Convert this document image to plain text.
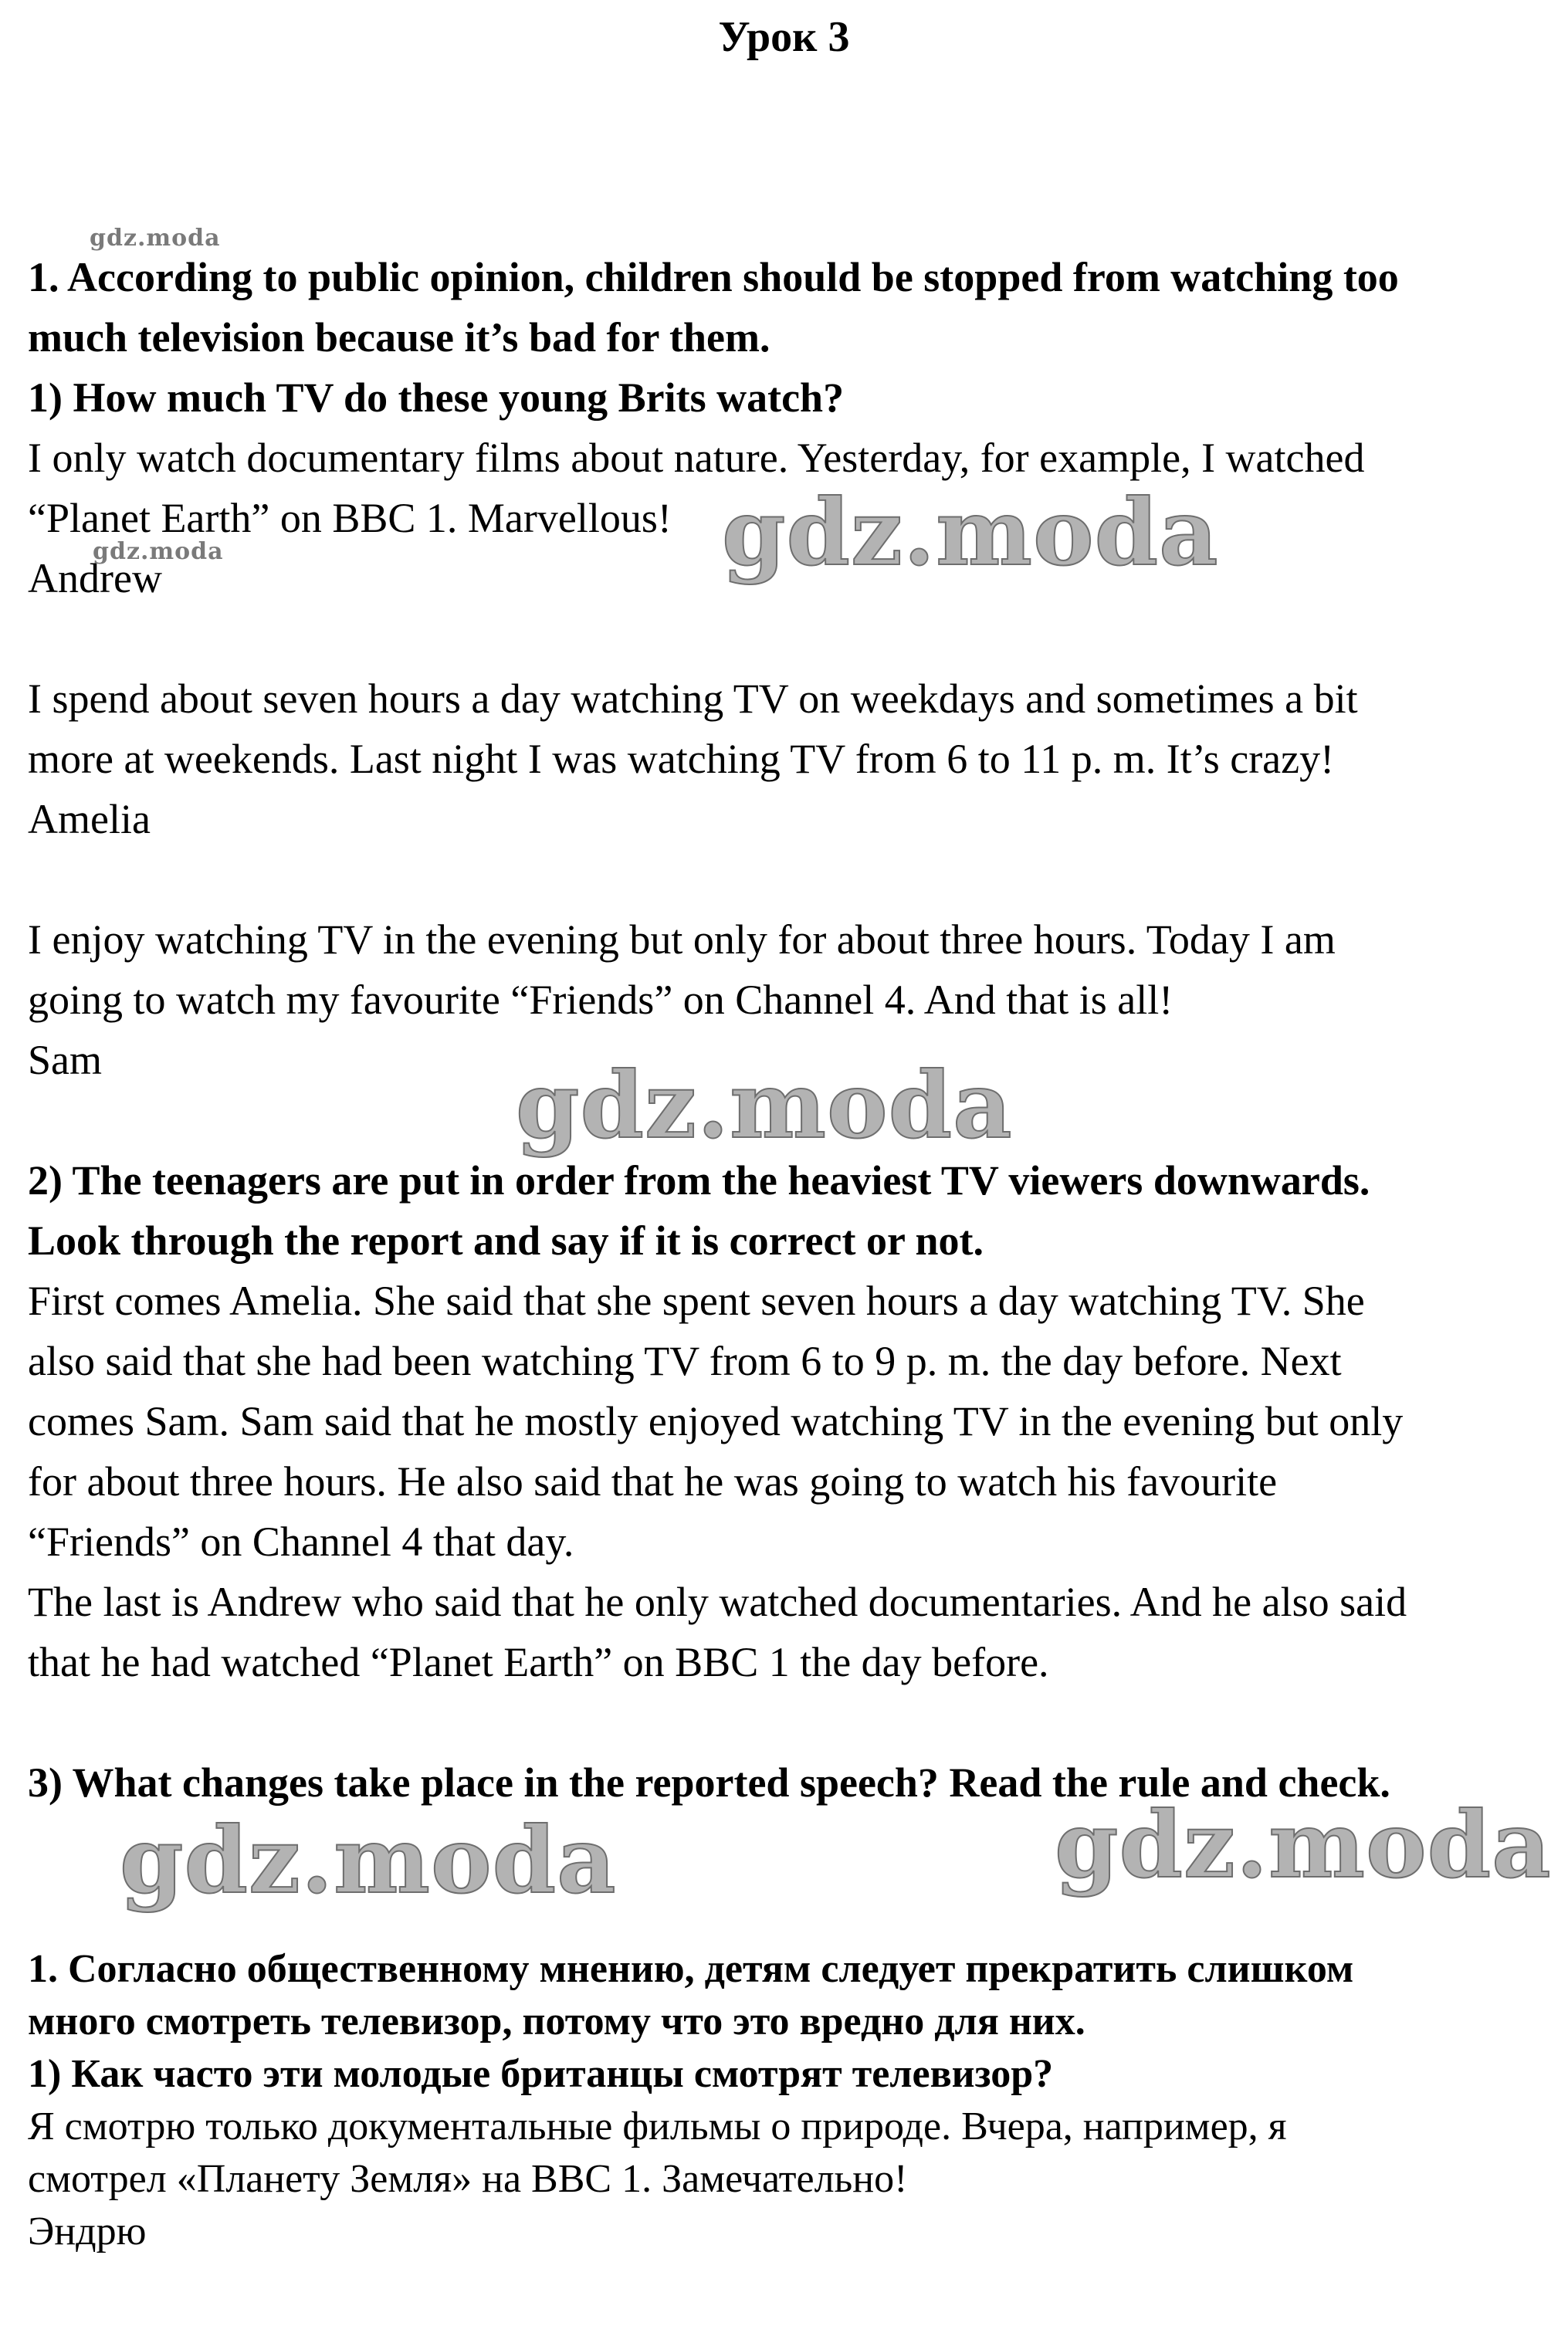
Урок 3
1. According to public opinion, children should be stopped from watching too
much television because it’s bad for them.
1) How much TV do these young Brits watch?
I only watch documentary films about nature. Yesterday, for example, I watched
“Planet Earth” on BBC 1. Marvellous!
Andrew
I spend about seven hours a day watching TV on weekdays and sometimes a bit
more at weekends. Last night I was watching TV from 6 to 11 p. m. It’s crazy!
Amelia
I enjoy watching TV in the evening but only for about three hours. Today I am
going to watch my favourite “Friends” on Channel 4. And that is all!
Sam
2) The teenagers are put in order from the heaviest TV viewers downwards.
Look through the report and say if it is correct or not.
First comes Amelia. She said that she spent seven hours a day watching TV. She
also said that she had been watching TV from 6 to 9 p. m. the day before. Next
comes Sam. Sam said that he mostly enjoyed watching TV in the evening but only
for about three hours. He also said that he was going to watch his favourite
“Friends” on Channel 4 that day.
The last is Andrew who said that he only watched documentaries. And he also said
that he had watched “Planet Earth” on BBC 1 the day before.
3) What changes take place in the reported speech? Read the rule and check.
1. Согласно общественному мнению, детям следует прекратить слишком
много смотреть телевизор, потому что это вредно для них.
1) Как часто эти молодые британцы смотрят телевизор?
Я смотрю только документальные фильмы о природе. Вчера, например, я
смотрел «Планету Земля» на BBC 1. Замечательно!
Эндрю
gdz.moda
gdz.moda
gdz.moda
gdz.moda
gdz.moda	gdz.moda
